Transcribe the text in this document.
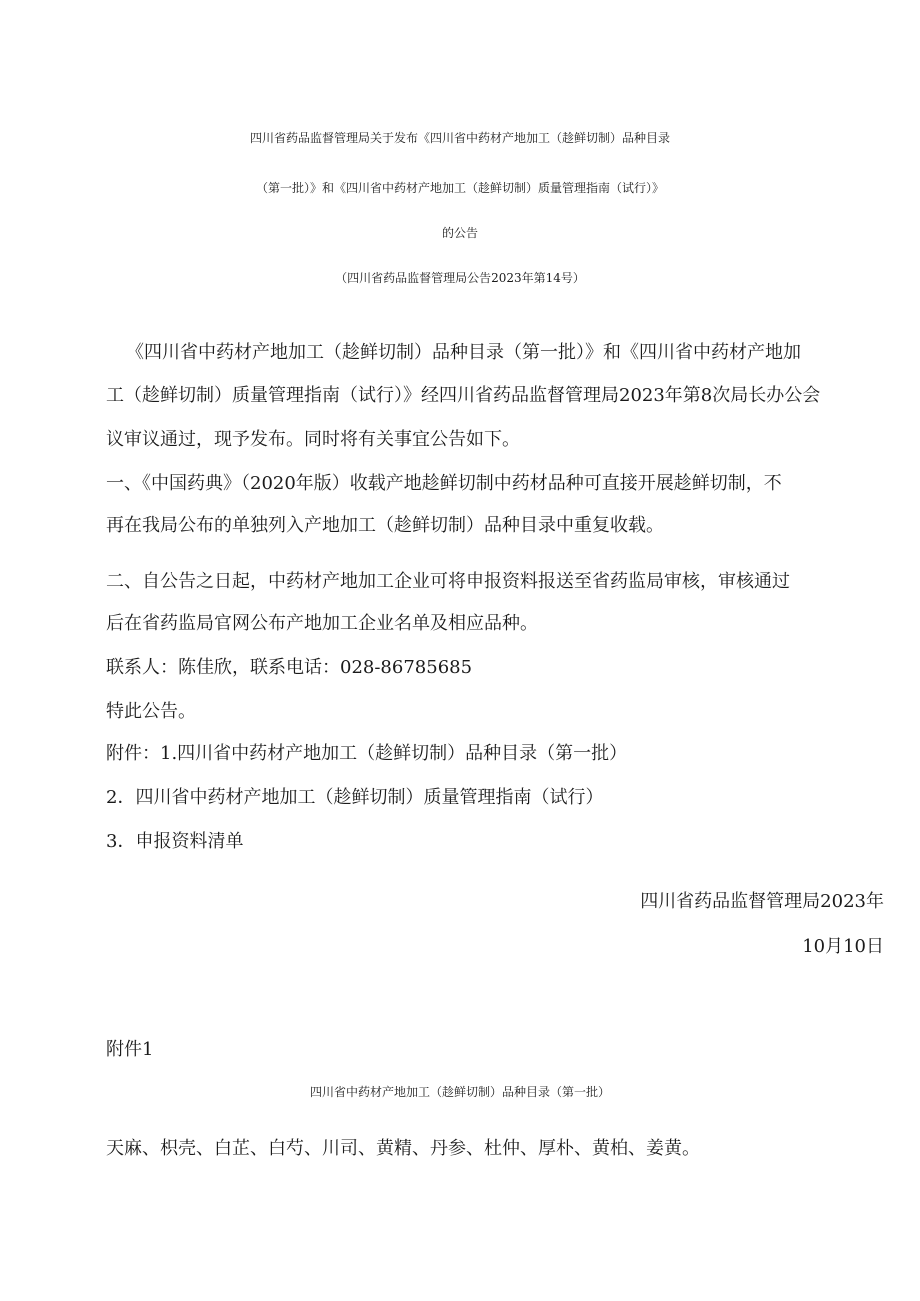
四川省药品监督管理局关于发布《四川省中药材产地加工（趁鲜切制）品种目录
（第一批）》和《四川省中药材产地加工（趁鲜切制）质量管理指南（试行）》
的公告
（四川省药品监督管理局公告2023年第14号）
《四川省中药材产地加工（趁鲜切制）品种目录（第一批）》和《四川省中药材产地加
工（趁鲜切制）质量管理指南（试行）》经四川省药品监督管理局2023年第8次局长办公会
议审议通过，现予发布。同时将有关事宜公告如下。
一、《中国药典》（2020年版）收载产地趁鲜切制中药材品种可直接开展趁鲜切制，不
再在我局公布的单独列入产地加工（趁鲜切制）品种目录中重复收载。
二、自公告之日起，中药材产地加工企业可将申报资料报送至省药监局审核，审核通过
后在省药监局官网公布产地加工企业名单及相应品种。
联系人：陈佳欣，联系电话：028-86785685
特此公告。
附件：1.四川省中药材产地加工（趁鲜切制）品种目录（第一批）
2．四川省中药材产地加工（趁鲜切制）质量管理指南（试行）
3．申报资料清单
四川省药品监督管理局2023年
10月10日
附件1
四川省中药材产地加工（趁鲜切制）品种目录（第一批）
天麻、枳壳、白芷、白芍、川司、黄精、丹参、杜仲、厚朴、黄柏、姜黄。
